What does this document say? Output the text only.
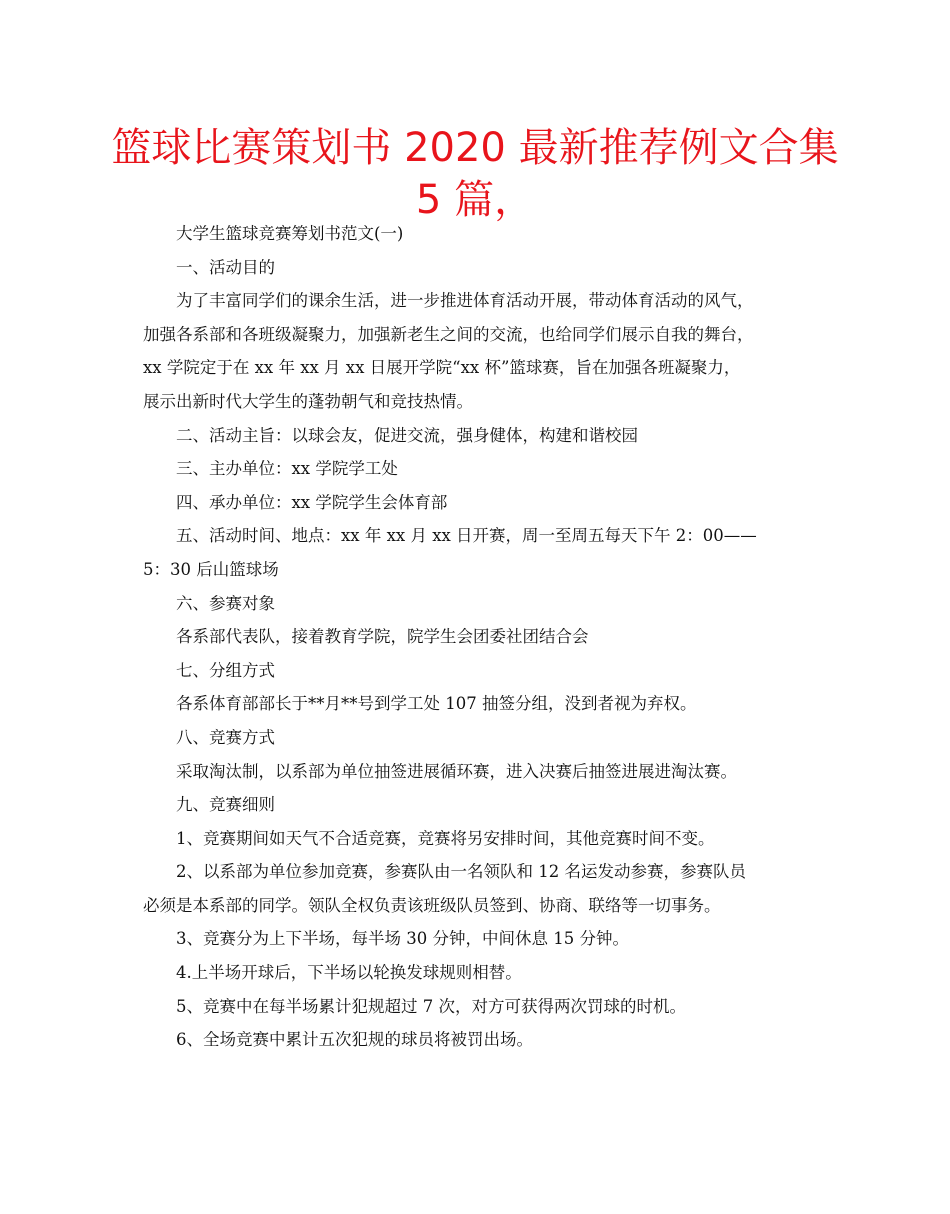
篮球比赛策划书 2020 最新推荐例文合集 5 篇，
大学生篮球竞赛筹划书范文(一)
一、活动目的
为了丰富同学们的课余生活，进一步推进体育活动开展，带动体育活动的风气，
加强各系部和各班级凝聚力，加强新老生之间的交流，也给同学们展示自我的舞台，
xx 学院定于在 xx 年 xx 月 xx 日展开学院“xx 杯”篮球赛，旨在加强各班凝聚力，
展示出新时代大学生的蓬勃朝气和竞技热情。
二、活动主旨：以球会友，促进交流，强身健体，构建和谐校园
三、主办单位：xx 学院学工处
四、承办单位：xx 学院学生会体育部
五、活动时间、地点：xx 年 xx 月 xx 日开赛，周一至周五每天下午 2：00——
5：30 后山篮球场
六、参赛对象
各系部代表队，接着教育学院，院学生会团委社团结合会
七、分组方式
各系体育部部长于**月**号到学工处 107 抽签分组，没到者视为弃权。
八、竞赛方式
采取淘汰制，以系部为单位抽签进展循环赛，进入决赛后抽签进展进淘汰赛。
九、竞赛细则
1、竞赛期间如天气不合适竞赛，竞赛将另安排时间，其他竞赛时间不变。
2、以系部为单位参加竞赛，参赛队由一名领队和 12 名运发动参赛，参赛队员
必须是本系部的同学。领队全权负责该班级队员签到、协商、联络等一切事务。
3、竞赛分为上下半场，每半场 30 分钟，中间休息 15 分钟。
4.上半场开球后，下半场以轮换发球规则相替。
5、竞赛中在每半场累计犯规超过 7 次，对方可获得两次罚球的时机。
6、全场竞赛中累计五次犯规的球员将被罚出场。
